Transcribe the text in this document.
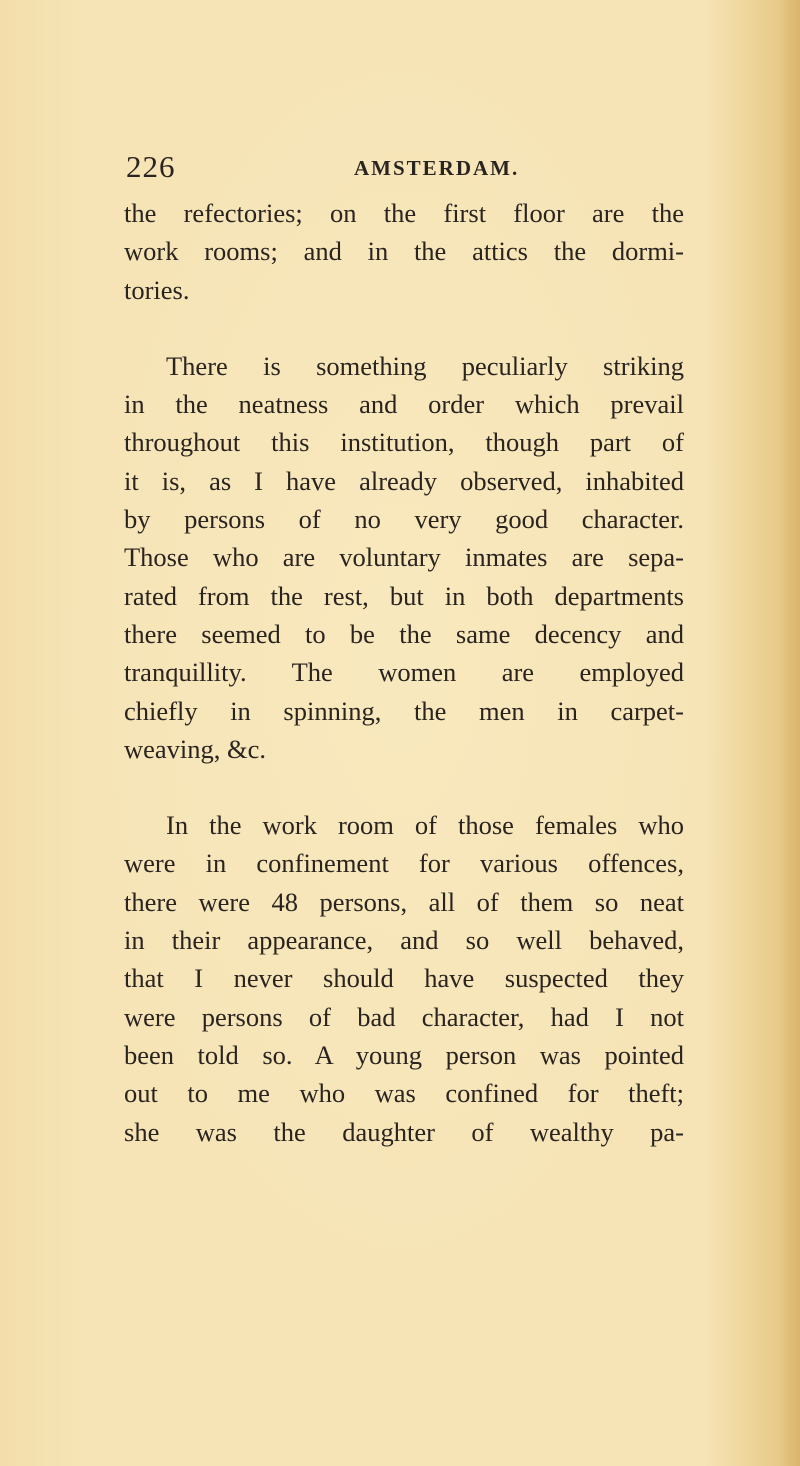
226	AMSTERDAM.

the refectories; on the first floor are the
work rooms; and in the attics the dormi-
tories.

There is something peculiarly striking
in the neatness and order which prevail
throughout this institution, though part of
it is, as I have already observed, inhabited
by persons of no very good character.
Those who are voluntary inmates are sepa-
rated from the rest, but in both departments
there seemed to be the same decency and
tranquillity. The women are employed
chiefly in spinning, the men in carpet-
weaving, &c.

In the work room of those females who
were in confinement for various offences,
there were 48 persons, all of them so neat
in their appearance, and so well behaved,
that I never should have suspected they
were persons of bad character, had I not
been told so. A young person was pointed
out to me who was confined for theft;
she was the daughter of wealthy pa-
